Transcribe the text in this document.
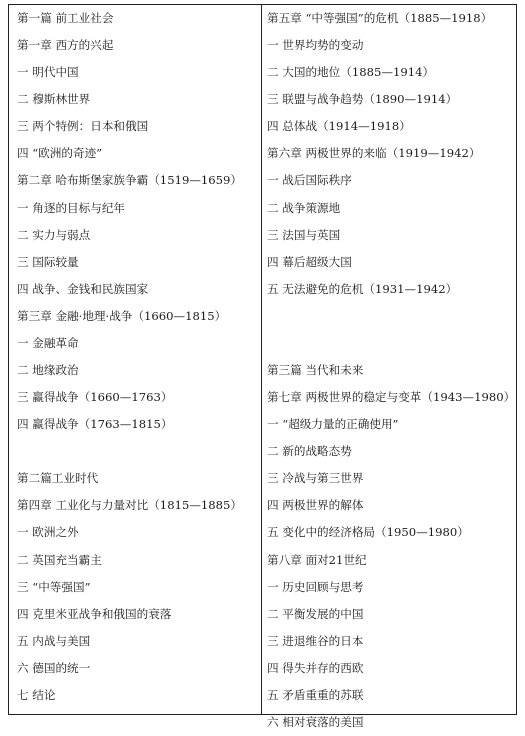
第一篇 前工业社会
第一章 西方的兴起
一 明代中国
二 穆斯林世界
三 两个特例：日本和俄国
四 “欧洲的奇迹”
第二章 哈布斯堡家族争霸（1519—1659）
一 角逐的目标与纪年
二 实力与弱点
三 国际较量
四 战争、金钱和民族国家
第三章 金融·地理·战争（1660—1815）
一 金融革命
二 地缘政治
三 赢得战争（1660—1763）
四 赢得战争（1763—1815）
第二篇工业时代
第四章 工业化与力量对比（1815—1885）
一 欧洲之外
二 英国充当霸主
三 “中等强国”
四 克里米亚战争和俄国的衰落
五 内战与美国
六 德国的统一
七 结论
第五章 “中等强国”的危机（1885—1918）
一 世界均势的变动
二 大国的地位（1885—1914）
三 联盟与战争趋势（1890—1914）
四 总体战（1914—1918）
第六章 两极世界的来临（1919—1942）
一 战后国际秩序
二 战争策源地
三 法国与英国
四 幕后超级大国
五 无法避免的危机（1931—1942）
第三篇 当代和未来
第七章 两极世界的稳定与变革（1943—1980）
一 “超级力量的正确使用”
二 新的战略态势
三 冷战与第三世界
四 两极世界的解体
五 变化中的经济格局（1950—1980）
第八章 面对21世纪
一 历史回顾与思考
二 平衡发展的中国
三 进退维谷的日本
四 得失并存的西欧
五 矛盾重重的苏联
六 相对衰落的美国
